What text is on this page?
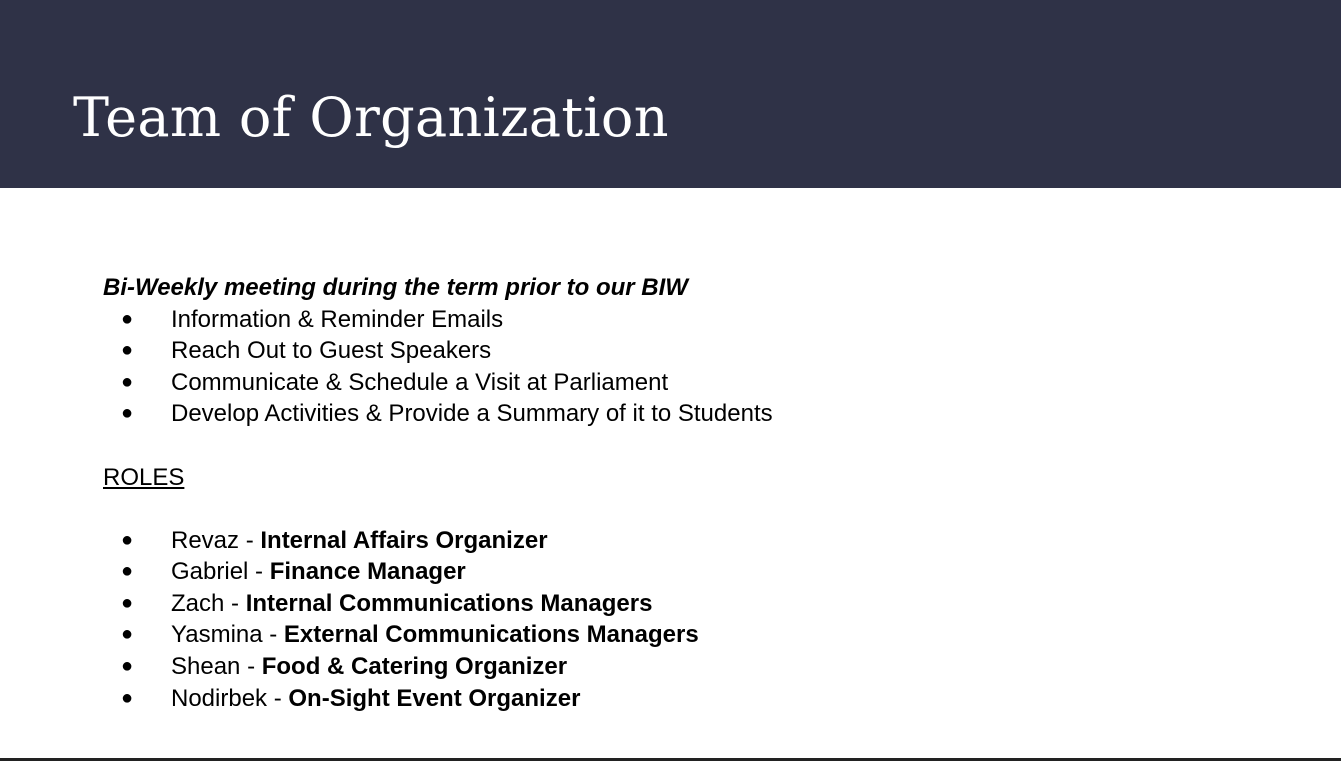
Team of Organization
Bi-Weekly meeting during the term prior to our BIW
● Information & Reminder Emails
● Reach Out to Guest Speakers
● Communicate & Schedule a Visit at Parliament
● Develop Activities & Provide a Summary of it to Students
ROLES
● Revaz - Internal Affairs Organizer
● Gabriel - Finance Manager
● Zach - Internal Communications Managers
● Yasmina - External Communications Managers
● Shean - Food & Catering Organizer
● Nodirbek - On-Sight Event Organizer
